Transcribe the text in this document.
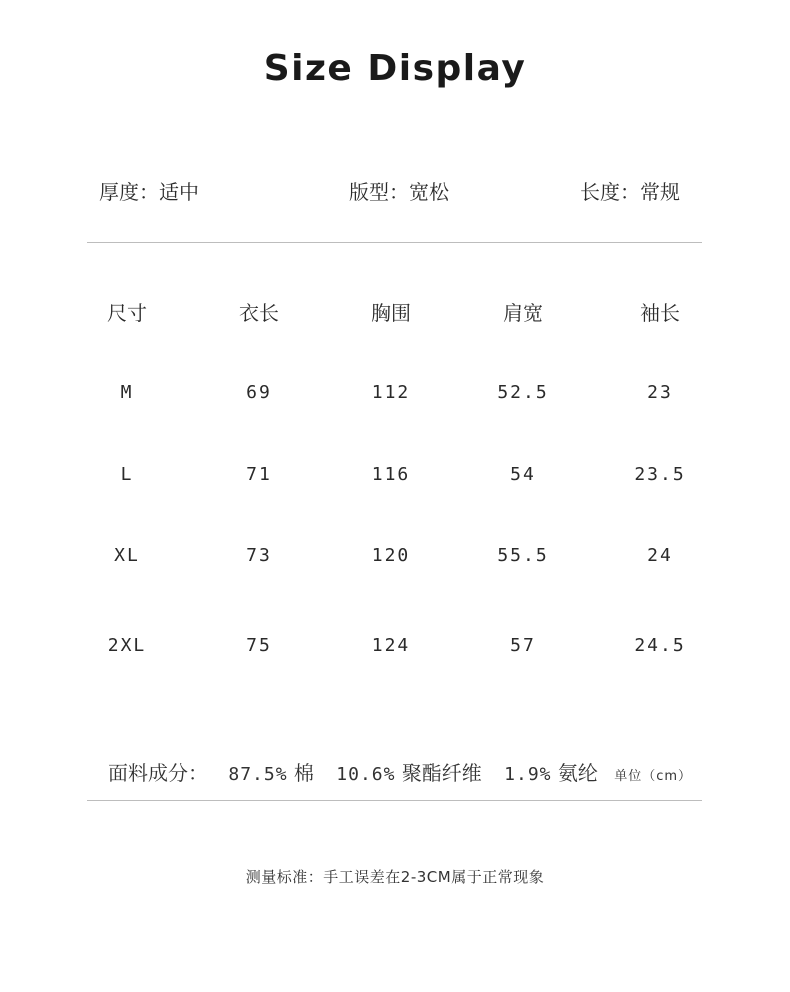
Size Display
厚度：适中	版型：宽松	长度：常规
尺寸	衣长	胸围	肩宽	袖长
M	69	112	52.5	23
L	71	116	54	23.5
XL	73	120	55.5	24
2XL	75	124	57	24.5
面料成分： 87.5% 棉 10.6% 聚酯纤维 1.9% 氨纶 单位（cm）
测量标准：手工误差在2-3CM属于正常现象
